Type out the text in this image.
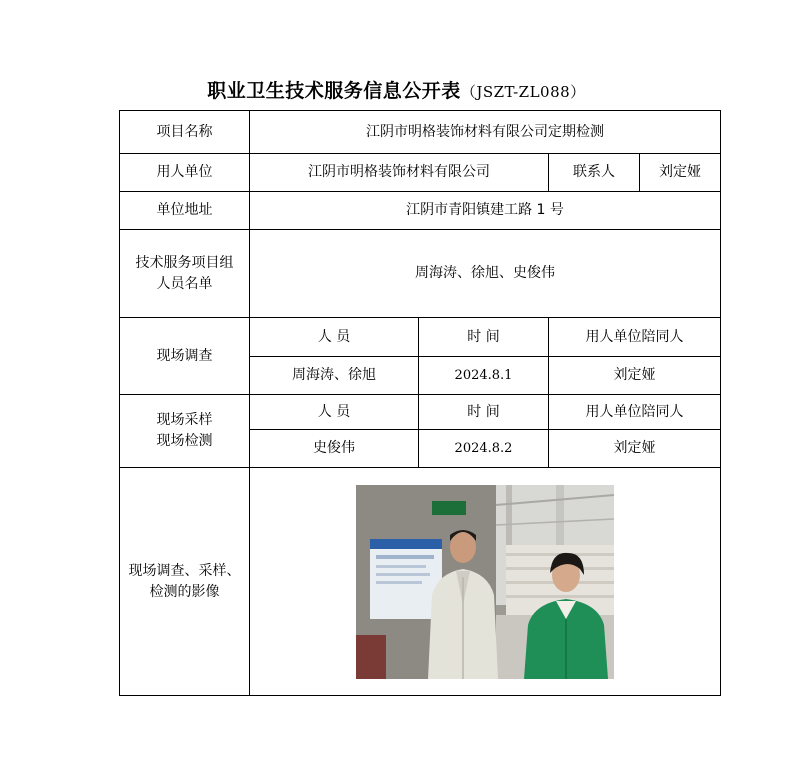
职业卫生技术服务信息公开表（JSZT-ZL088）
项目名称	江阴市明格装饰材料有限公司定期检测			
用人单位	江阴市明格装饰材料有限公司		联系人	刘定娅
单位地址	江阴市青阳镇建工路 1 号			

技术服务项目组
人员名单	周海涛、徐旭、史俊伟			
现场调查	人 员	时 间	用人单位陪同人	
	周海涛、徐旭	2024.8.1	刘定娅	

现场采样
现场检测	人 员	时 间	用人单位陪同人	
	史俊伟	2024.8.2	刘定娅	

现场调查、采样、
检测的影像
